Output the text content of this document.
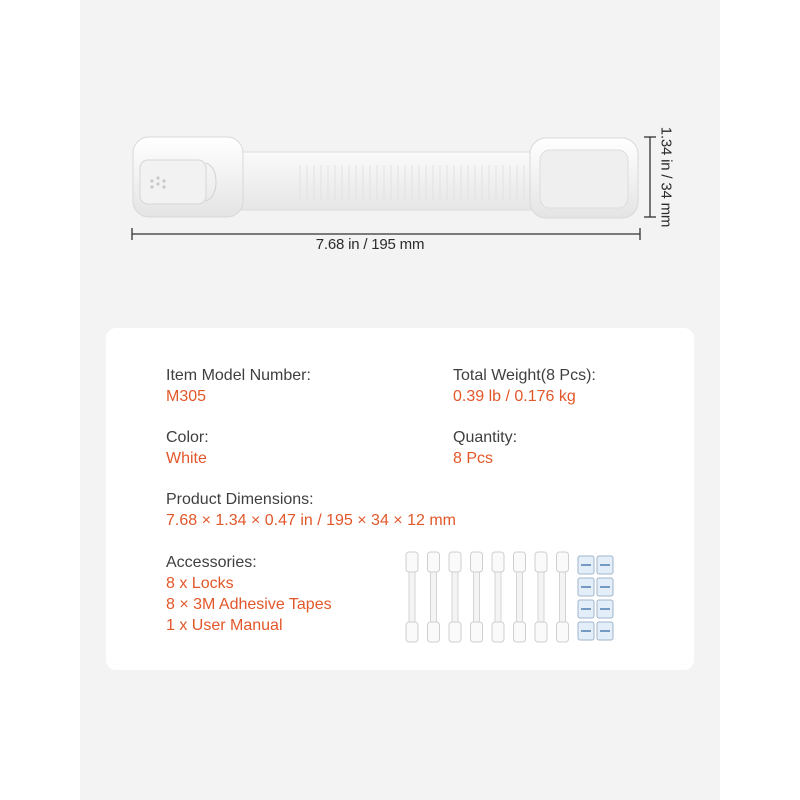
7.68 in / 195 mm
1.34 in / 34 mm
Item Model Number:
M305
Total Weight(8 Pcs):
0.39 lb / 0.176 kg
Color:
White
Quantity:
8 Pcs
Product Dimensions:
7.68 × 1.34 × 0.47 in / 195 × 34 × 12 mm
Accessories:
8 x Locks
8 × 3M Adhesive Tapes
1 x User Manual
